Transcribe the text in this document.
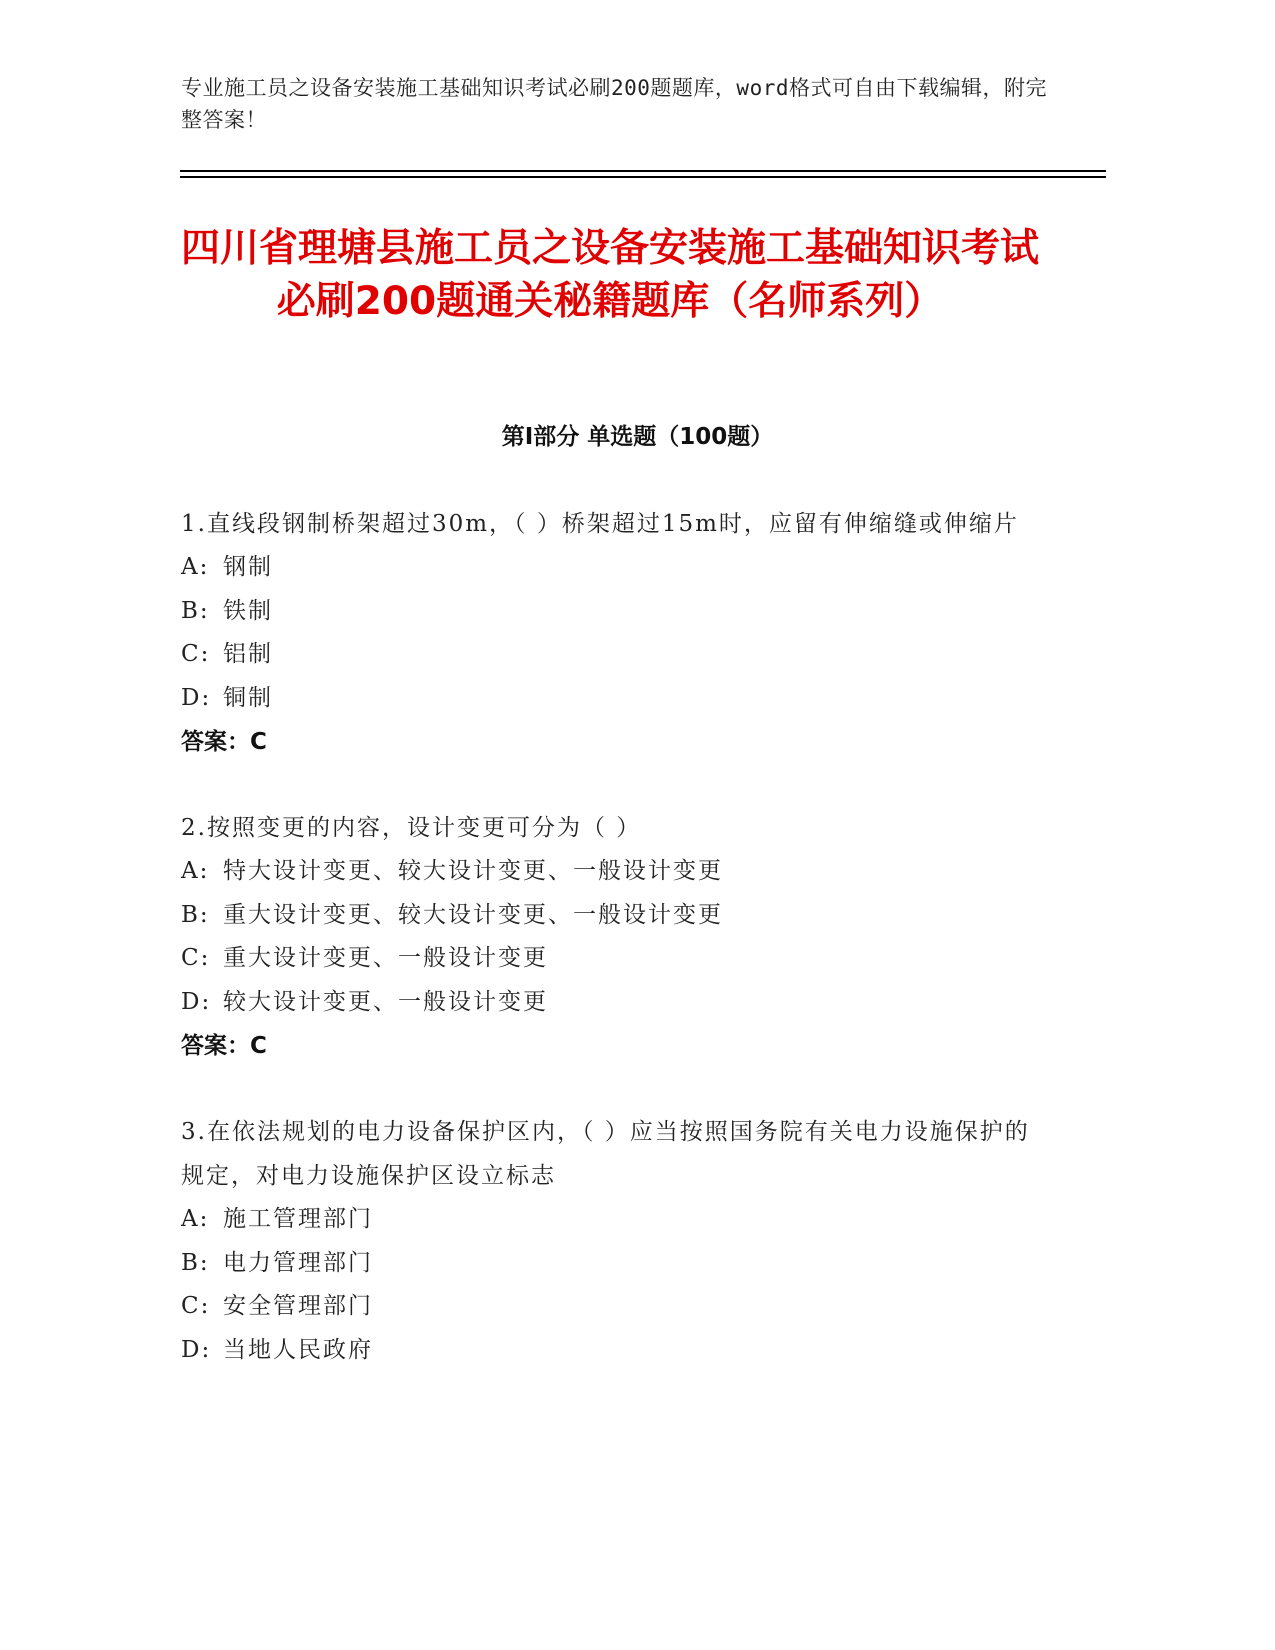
专业施工员之设备安装施工基础知识考试必刷200题题库，word格式可自由下载编辑，附完整答案！
四川省理塘县施工员之设备安装施工基础知识考试必刷200题通关秘籍题库（名师系列）
第I部分 单选题（100题）
1.直线段钢制桥架超过30m，（ ）桥架超过15m时，应留有伸缩缝或伸缩片
A: 钢制
B: 铁制
C: 铝制
D: 铜制
答案：C
2.按照变更的内容，设计变更可分为（ ）
A: 特大设计变更、较大设计变更、一般设计变更
B: 重大设计变更、较大设计变更、一般设计变更
C: 重大设计变更、一般设计变更
D: 较大设计变更、一般设计变更
答案：C
3.在依法规划的电力设备保护区内，（ ）应当按照国务院有关电力设施保护的规定，对电力设施保护区设立标志
A: 施工管理部门
B: 电力管理部门
C: 安全管理部门
D: 当地人民政府
